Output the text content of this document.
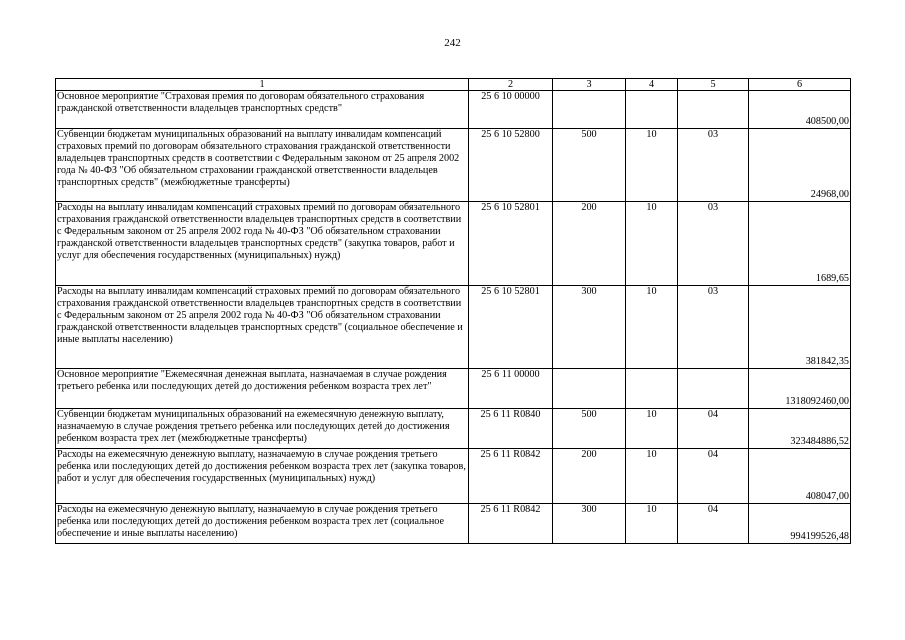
242
1	2	3	4	5	6
Основное мероприятие "Страховая премия по договорам обязательного страхования гражданской ответственности владельцев транспортных средств"	25 6 10 00000				408500,00
Субвенции бюджетам муниципальных образований на выплату инвалидам компенсаций страховых премий по договорам обязательного страхования гражданской ответственности владельцев транспортных средств в соответствии с Федеральным законом от 25 апреля 2002 года № 40-ФЗ "Об обязательном страховании гражданской ответственности владельцев транспортных средств" (межбюджетные трансферты)	25 6 10 52800	500	10	03	24968,00
Расходы на выплату инвалидам компенсаций страховых премий по договорам обязательного страхования гражданской ответственности владельцев транспортных средств в соответствии с Федеральным законом от 25 апреля 2002 года № 40-ФЗ "Об обязательном страховании гражданской ответственности владельцев транспортных средств" (закупка товаров, работ и услуг для обеспечения государственных (муниципальных) нужд)	25 6 10 52801	200	10	03	1689,65
Расходы на выплату инвалидам компенсаций страховых премий по договорам обязательного страхования гражданской ответственности владельцев транспортных средств в соответствии с Федеральным законом от 25 апреля 2002 года № 40-ФЗ "Об обязательном страховании гражданской ответственности владельцев транспортных средств" (социальное обеспечение и иные выплаты населению)	25 6 10 52801	300	10	03	381842,35
Основное мероприятие "Ежемесячная денежная выплата, назначаемая в случае рождения третьего ребенка или последующих детей до достижения ребенком возраста трех лет"	25 6 11 00000				1318092460,00
Субвенции бюджетам муниципальных образований на ежемесячную денежную выплату, назначаемую в случае рождения третьего ребенка или последующих детей до достижения ребенком возраста трех лет (межбюджетные трансферты)	25 6 11 R0840	500	10	04	323484886,52
Расходы на ежемесячную денежную выплату, назначаемую в случае рождения третьего ребенка или последующих детей до достижения ребенком возраста трех лет (закупка товаров, работ и услуг для обеспечения государственных (муниципальных) нужд)	25 6 11 R0842	200	10	04	408047,00
Расходы на ежемесячную денежную выплату, назначаемую в случае рождения третьего ребенка или последующих детей до достижения ребенком возраста трех лет (социальное обеспечение и иные выплаты населению)	25 6 11 R0842	300	10	04	994199526,48
